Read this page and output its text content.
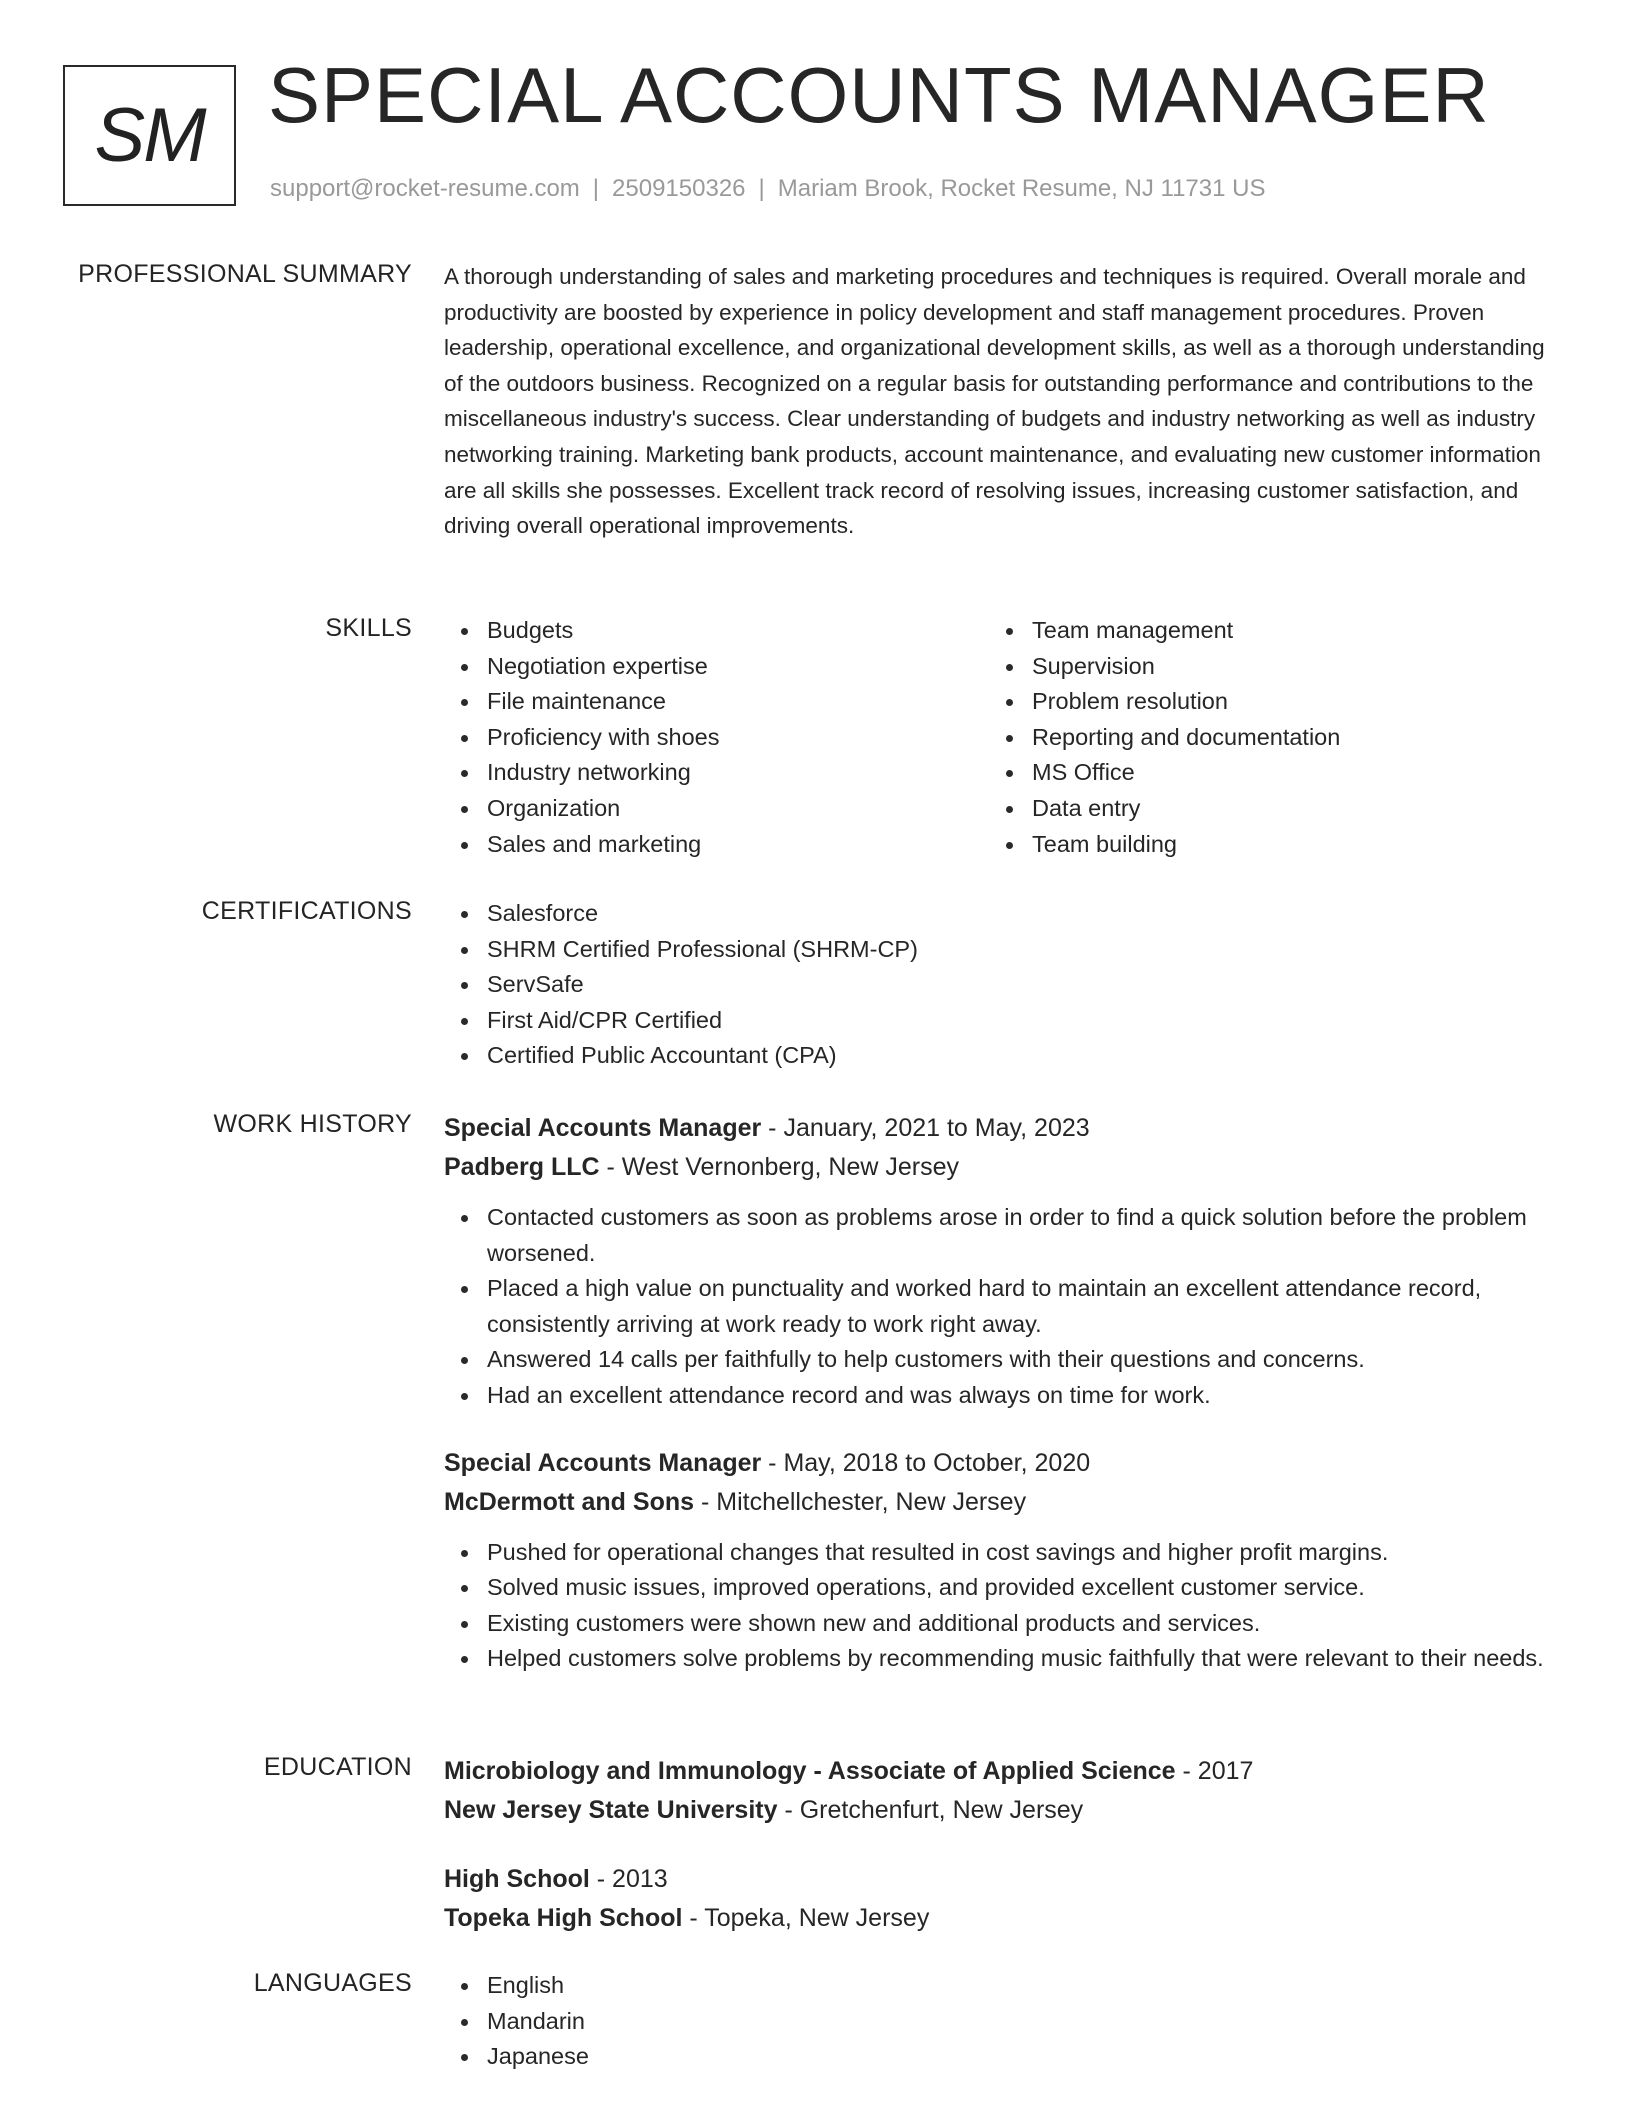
SM SPECIAL ACCOUNTS MANAGER
support@rocket-resume.com | 2509150326 | Mariam Brook, Rocket Resume, NJ 11731 US
PROFESSIONAL SUMMARY A thorough understanding of sales and marketing procedures and techniques is required. Overall morale and productivity are boosted by experience in policy development and staff management procedures. Proven leadership, operational excellence, and organizational development skills, as well as a thorough understanding of the outdoors business. Recognized on a regular basis for outstanding performance and contributions to the miscellaneous industry's success. Clear understanding of budgets and industry networking as well as industry networking training. Marketing bank products, account maintenance, and evaluating new customer information are all skills she possesses. Excellent track record of resolving issues, increasing customer satisfaction, and driving overall operational improvements.

SKILLS	Budgets
Negotiation expertise
File maintenance
Proficiency with shoes
Industry networking
Organization
Sales and marketing
Team management
Supervision
Problem resolution
Reporting and documentation
MS Office
Data entry
Team building
CERTIFICATIONS	Salesforce
SHRM Certified Professional (SHRM-CP)
ServSafe
First Aid/CPR Certified
Certified Public Accountant (CPA)
WORK HISTORY Special Accounts Manager - January, 2021 to May, 2023
Padberg LLC - West Vernonberg, New Jersey
Contacted customers as soon as problems arose in order to find a quick solution before the problem worsened.
Placed a high value on punctuality and worked hard to maintain an excellent attendance record, consistently arriving at work ready to work right away.
Answered 14 calls per faithfully to help customers with their questions and concerns.
Had an excellent attendance record and was always on time for work.
Special Accounts Manager - May, 2018 to October, 2020
McDermott and Sons - Mitchellchester, New Jersey
Pushed for operational changes that resulted in cost savings and higher profit margins.
Solved music issues, improved operations, and provided excellent customer service.
Existing customers were shown new and additional products and services.
Helped customers solve problems by recommending music faithfully that were relevant to their needs.
EDUCATION Microbiology and Immunology - Associate of Applied Science - 2017
New Jersey State University - Gretchenfurt, New Jersey
High School - 2013
Topeka High School - Topeka, New Jersey
LANGUAGES	English
Mandarin
Japanese
